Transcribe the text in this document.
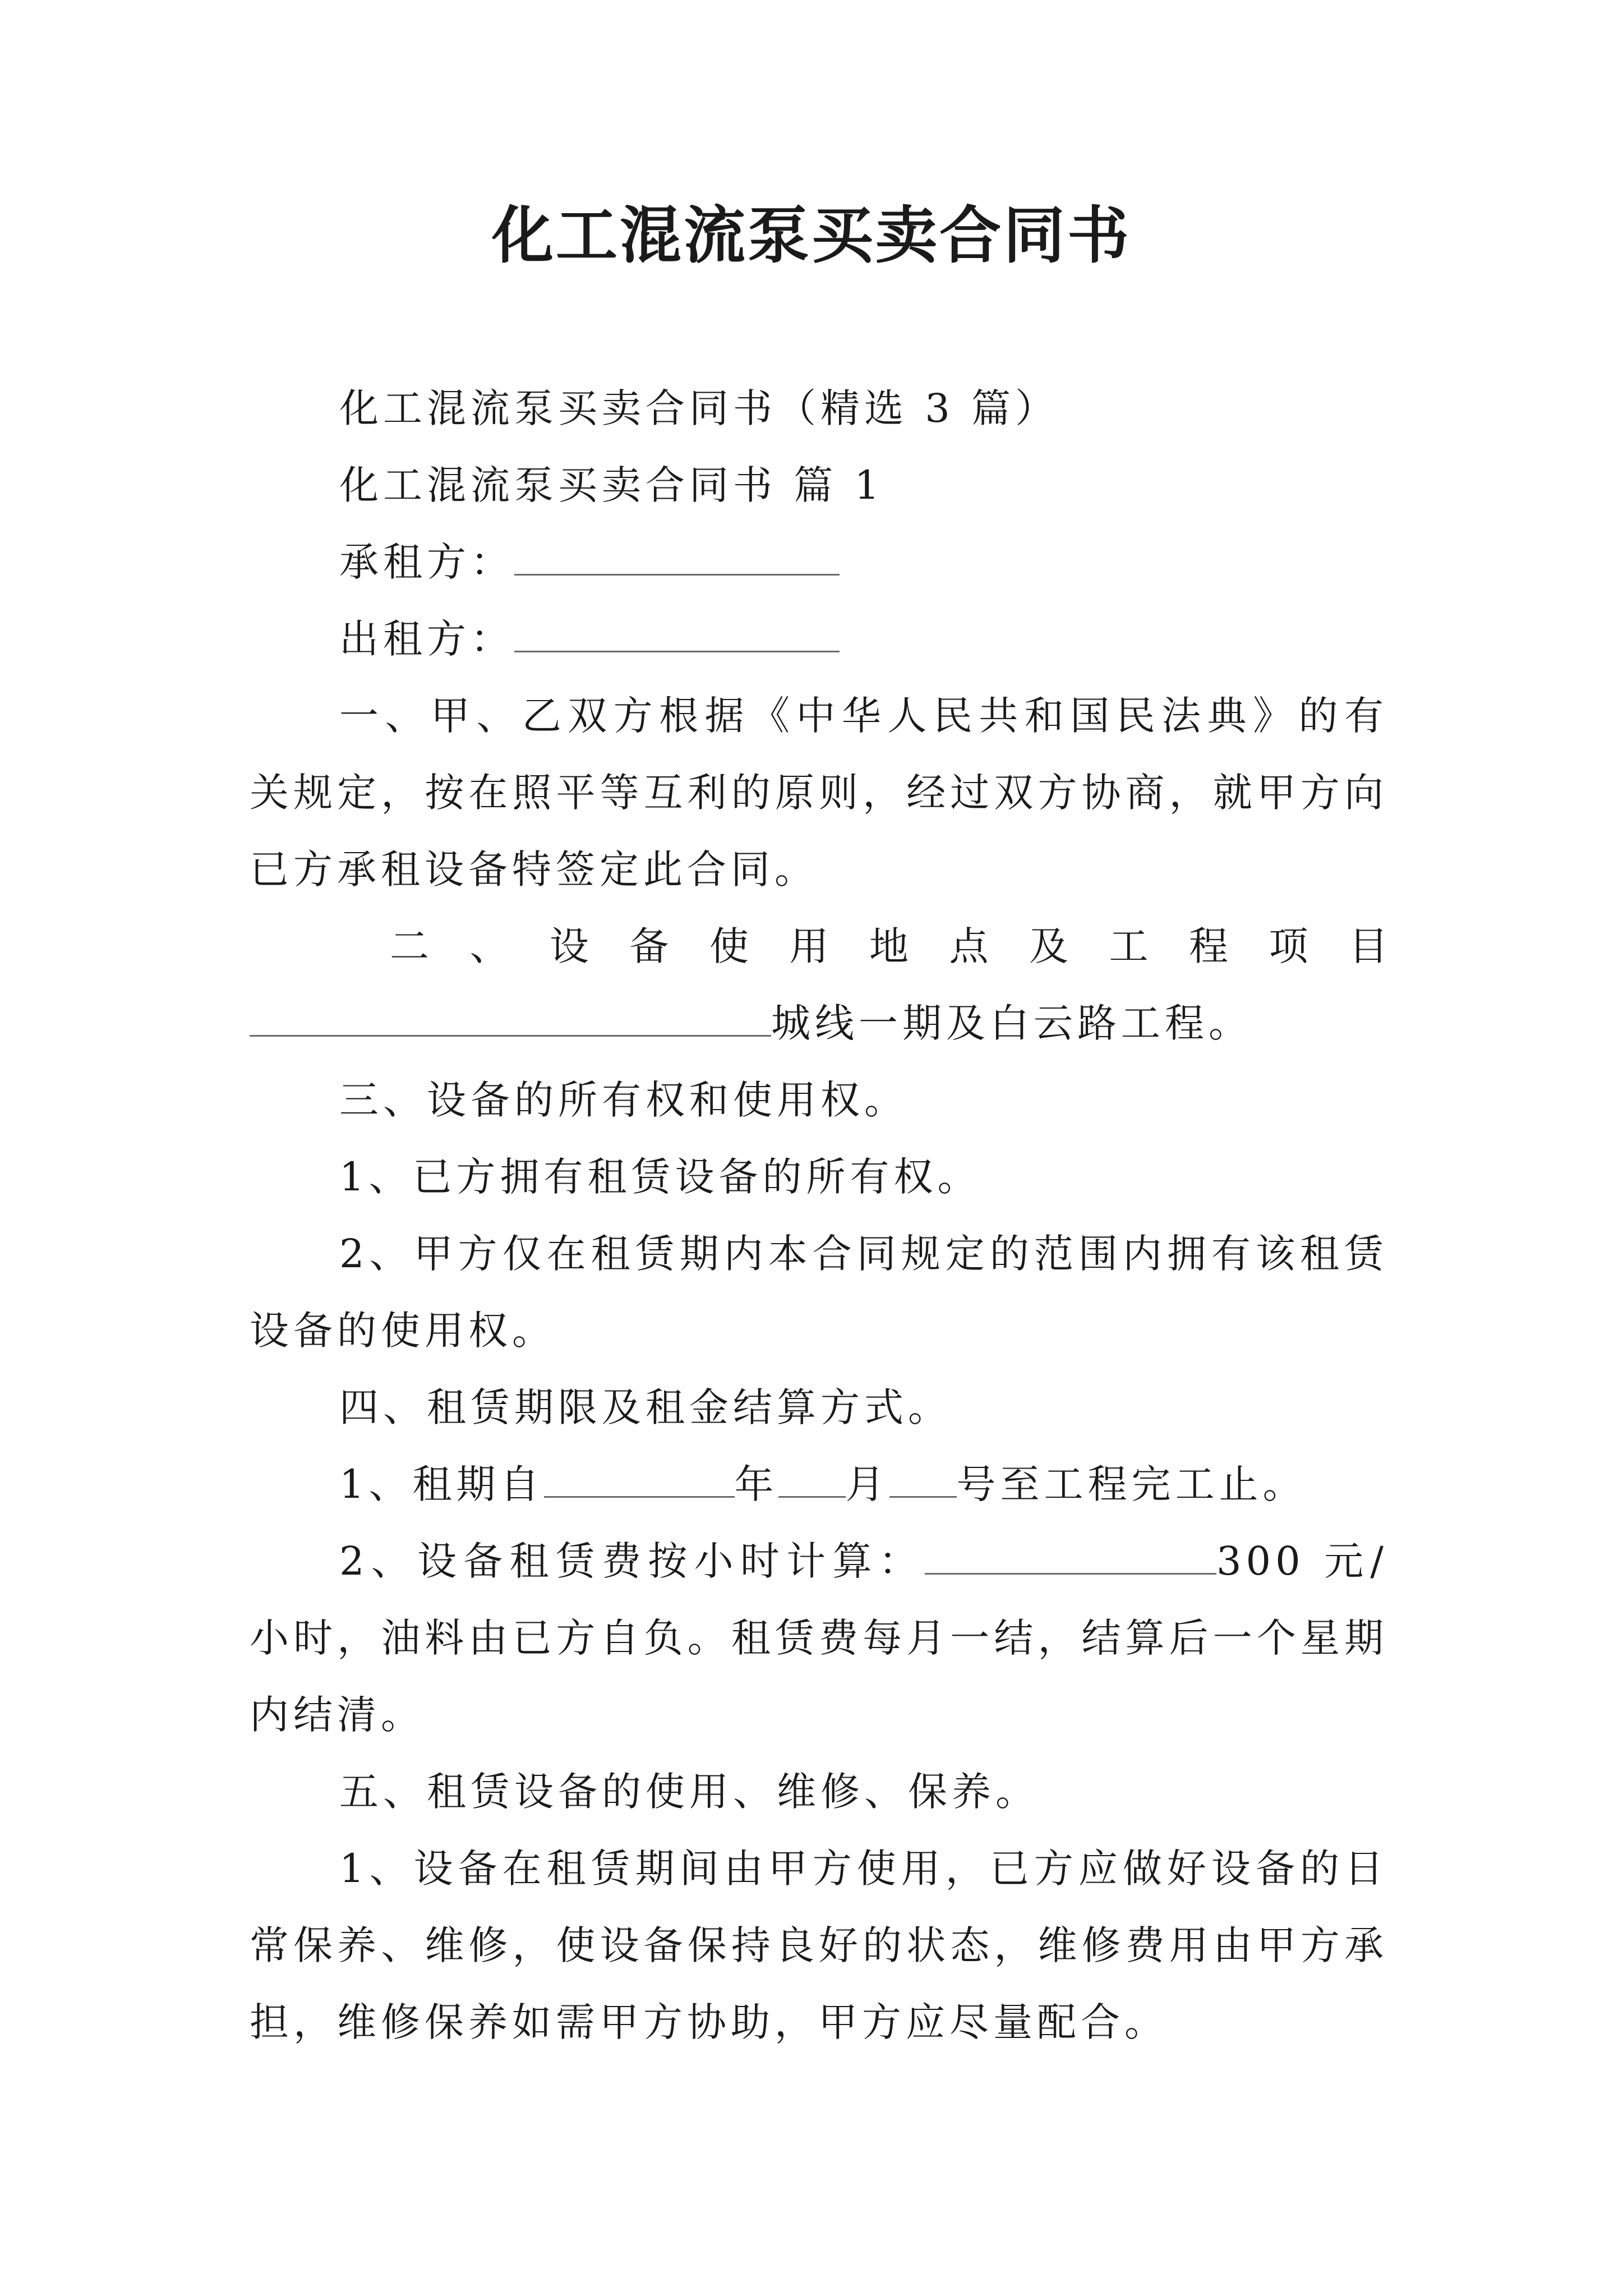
化工混流泵买卖合同书

化工混流泵买卖合同书（精选 3 篇）

化工混流泵买卖合同书 篇 1

承租方：

出租方：

一、甲、乙双方根据《中华人民共和国民法典》的有关规定，按在照平等互利的原则，经过双方协商，就甲方向已方承租设备特签定此合同。

二 、 设 备 使 用 地 点 及 工 程 项 目

城线一期及白云路工程。

三、设备的所有权和使用权。

1、已方拥有租赁设备的所有权。

2、甲方仅在租赁期内本合同规定的范围内拥有该租赁设备的使用权。

四、租赁期限及租金结算方式。

1、租期自	年 月 号至工程完工止。

2、设备租赁费按小时计算：	300 元/小时，油料由已方自负。租赁费每月一结，结算后一个星期内结清。

五、租赁设备的使用、维修、保养。

1、设备在租赁期间由甲方使用，已方应做好设备的日常保养、维修，使设备保持良好的状态，维修费用由甲方承担，维修保养如需甲方协助，甲方应尽量配合。
